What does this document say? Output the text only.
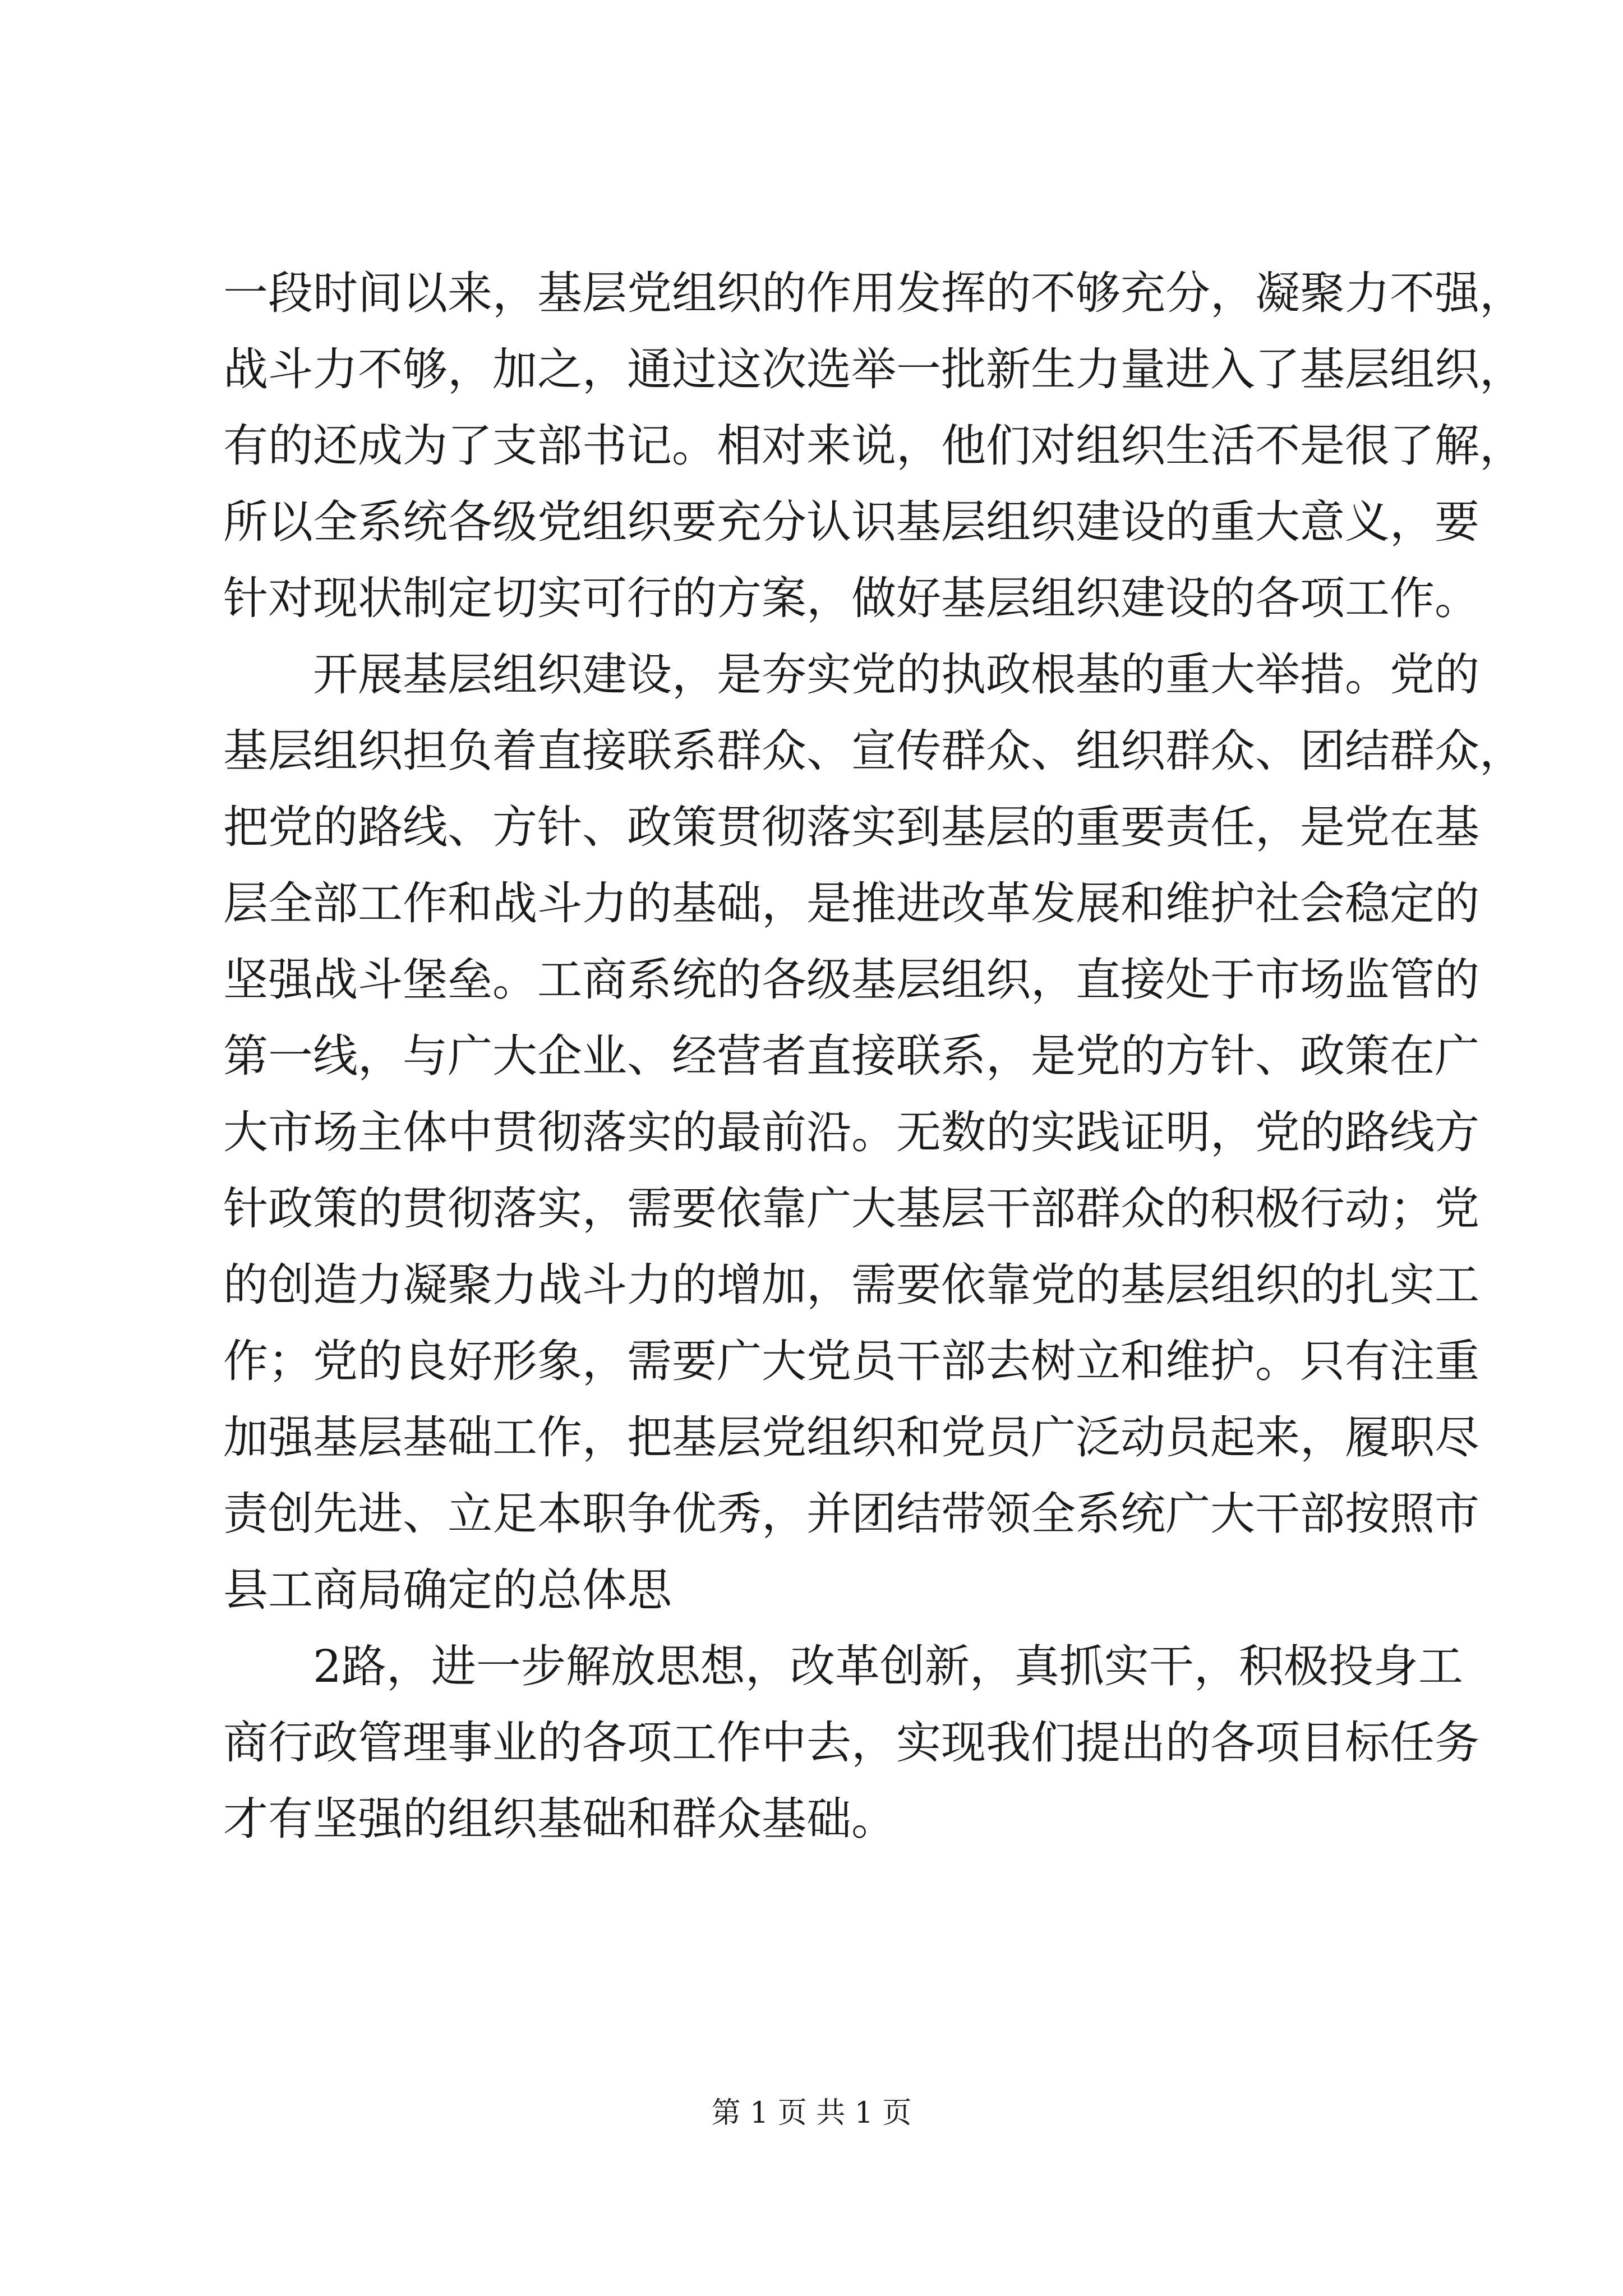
一段时间以来，基层党组织的作用发挥的不够充分，凝聚力不强，
战斗力不够，加之，通过这次选举一批新生力量进入了基层组织，
有的还成为了支部书记。相对来说，他们对组织生活不是很了解，
所以全系统各级党组织要充分认识基层组织建设的重大意义，要
针对现状制定切实可行的方案，做好基层组织建设的各项工作。
开展基层组织建设，是夯实党的执政根基的重大举措。党的
基层组织担负着直接联系群众、宣传群众、组织群众、团结群众，
把党的路线、方针、政策贯彻落实到基层的重要责任，是党在基
层全部工作和战斗力的基础，是推进改革发展和维护社会稳定的
坚强战斗堡垒。工商系统的各级基层组织，直接处于市场监管的
第一线，与广大企业、经营者直接联系，是党的方针、政策在广
大市场主体中贯彻落实的最前沿。无数的实践证明，党的路线方
针政策的贯彻落实，需要依靠广大基层干部群众的积极行动；党
的创造力凝聚力战斗力的增加，需要依靠党的基层组织的扎实工
作；党的良好形象，需要广大党员干部去树立和维护。只有注重
加强基层基础工作，把基层党组织和党员广泛动员起来，履职尽
责创先进、立足本职争优秀，并团结带领全系统广大干部按照市
县工商局确定的总体思
2路，进一步解放思想，改革创新，真抓实干，积极投身工
商行政管理事业的各项工作中去，实现我们提出的各项目标任务
才有坚强的组织基础和群众基础。
第 1 页 共 1 页
